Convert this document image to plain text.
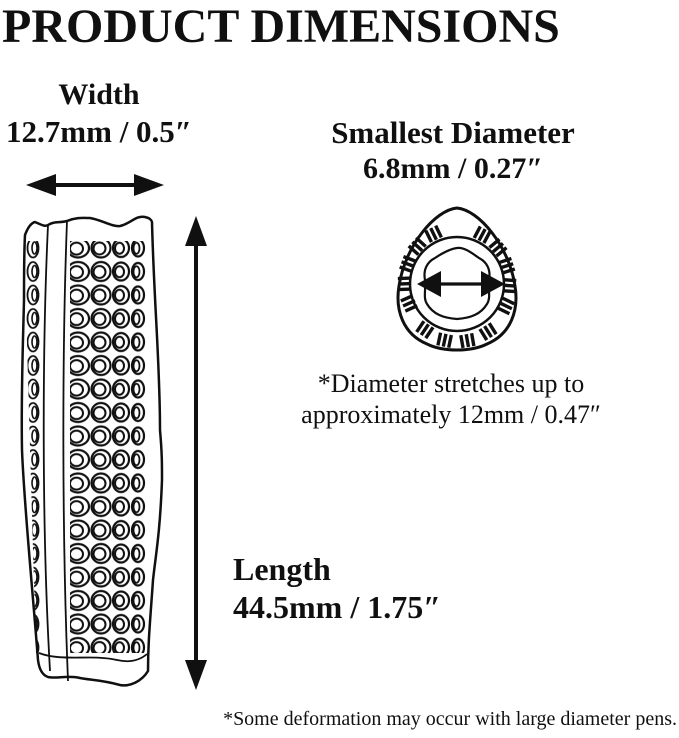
PRODUCT DIMENSIONS
Width
12.7mm / 0.5″	Smallest Diameter
6.8mm / 0.27″
*Diameter stretches up to
approximately 12mm / 0.47″
Length
44.5mm / 1.75″
*Some deformation may occur with large diameter pens.
